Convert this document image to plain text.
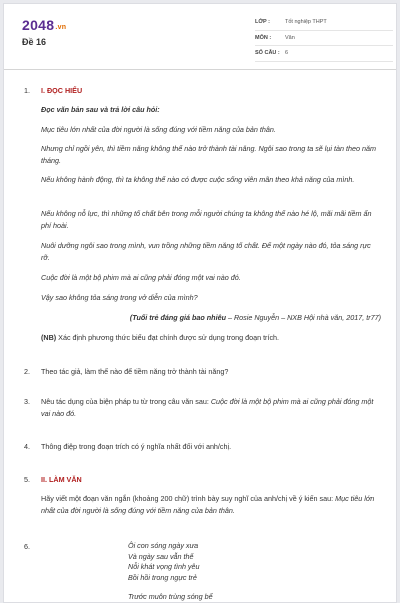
2048.vn
Đề 16
LỚP :	Tốt nghiệp THPT
MÔN :	Văn
SỐ CÂU : 6
1. I. ĐỌC HIỂU
Đọc văn bản sau và trả lời câu hỏi:
Mục tiêu lớn nhất của đời người là sống đúng với tiềm năng của bản thân.
Nhưng chỉ ngồi yên, thì tiềm năng không thể nào trở thành tài năng. Ngôi sao trong ta sẽ lụi tàn theo năm tháng.
Nếu không hành động, thì ta không thể nào có được cuộc sống viên mãn theo khả năng của mình.
Nếu không nỗ lực, thì những tố chất bên trong mỗi người chúng ta không thể nào hé lộ, mãi mãi tiềm ẩn phí hoài.
Nuôi dưỡng ngôi sao trong mình, vun trồng những tiềm năng tố chất. Để một ngày nào đó, tỏa sáng rực rỡ.
Cuộc đời là một bộ phim mà ai cũng phải đóng một vai nào đó.
Vậy sao không tỏa sáng trong vở diễn của mình?
(Tuổi trẻ đáng giá bao nhiêu – Rosie Nguyễn – NXB Hội nhà văn, 2017, tr77)
(NB) Xác định phương thức biểu đạt chính được sử dụng trong đoạn trích.
2. Theo tác giả, làm thế nào để tiềm năng trở thành tài năng?
3. Nêu tác dụng của biện pháp tu từ trong câu văn sau: Cuộc đời là một bộ phim mà ai cũng phải đóng một vai nào đó.
4. Thông điệp trong đoạn trích có ý nghĩa nhất đối với anh/chị.
5. II. LÀM VĂN
Hãy viết một đoạn văn ngắn (khoảng 200 chữ) trình bày suy nghĩ của anh/chị về ý kiến sau: Mục tiêu lớn nhất của đời người là sống đúng với tiềm năng của bản thân.
6.	Ôi con sóng ngày xưa
Và ngày sau vẫn thế
Nỗi khát vọng tình yêu
Bồi hồi trong ngực trẻ
Trước muôn trùng sóng bể
